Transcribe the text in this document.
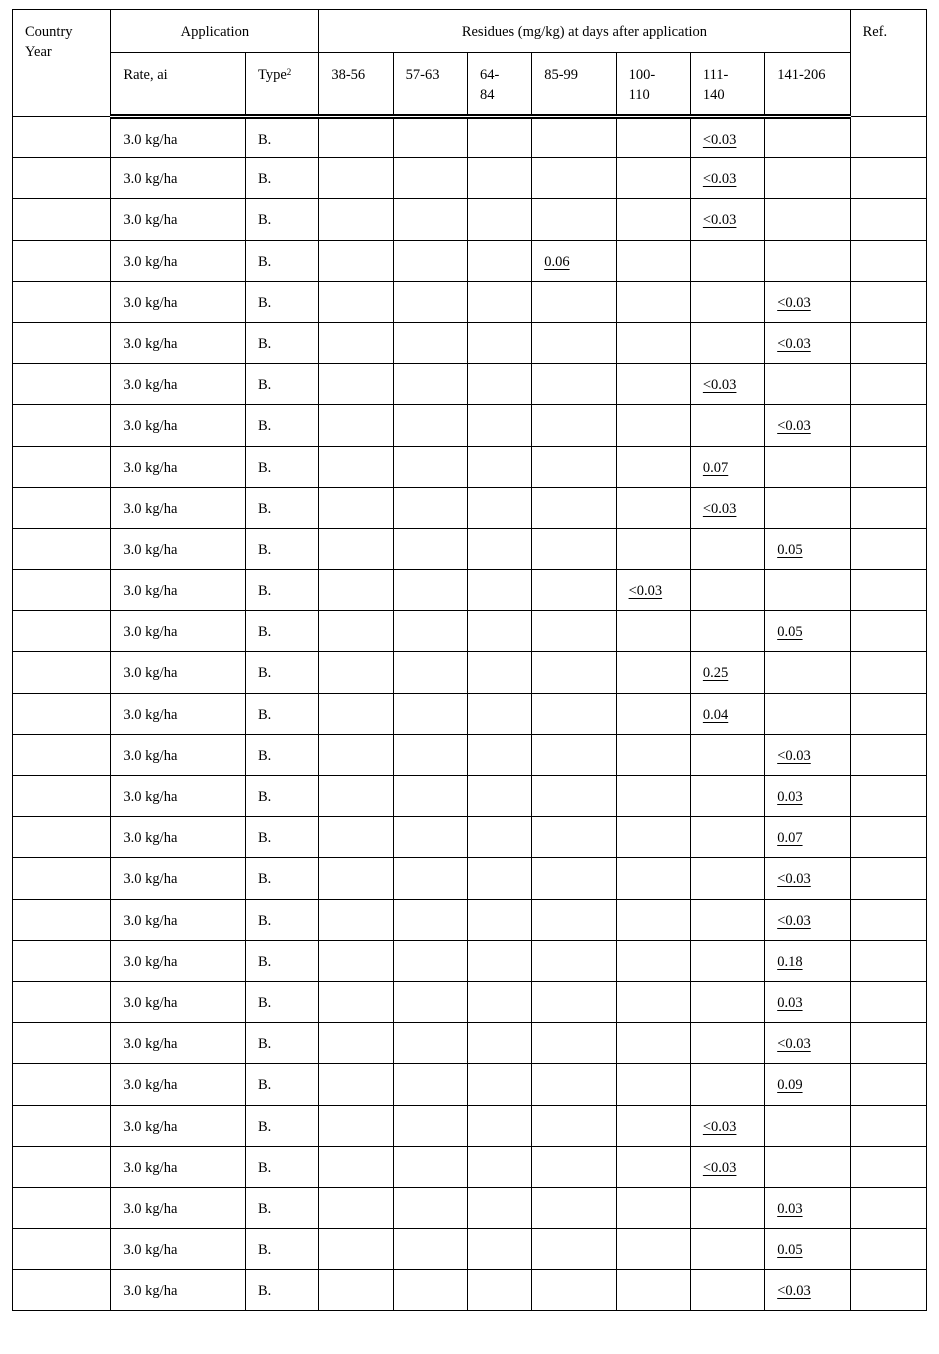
Country
Year	Application		Residues (mg/kg) at days after application							Ref.
	Rate, ai	Type$^2$	38-56	57-63	64-
84	85-99	100-
110	111-
140	141-206	
	3.0 kg/ha	B.						<0.03		
	3.0 kg/ha	B.						<0.03		
	3.0 kg/ha	B.						<0.03		
	3.0 kg/ha	B.				0.06				
	3.0 kg/ha	B.							<0.03	
	3.0 kg/ha	B.							<0.03	
	3.0 kg/ha	B.						<0.03		
	3.0 kg/ha	B.							<0.03	
	3.0 kg/ha	B.						0.07		
	3.0 kg/ha	B.						<0.03		
	3.0 kg/ha	B.							0.05	
	3.0 kg/ha	B.					<0.03			
	3.0 kg/ha	B.							0.05	
	3.0 kg/ha	B.						0.25		
	3.0 kg/ha	B.						0.04		
	3.0 kg/ha	B.							<0.03	
	3.0 kg/ha	B.							0.03	
	3.0 kg/ha	B.							0.07	
	3.0 kg/ha	B.							<0.03	
	3.0 kg/ha	B.							<0.03	
	3.0 kg/ha	B.							0.18	
	3.0 kg/ha	B.							0.03	
	3.0 kg/ha	B.							<0.03	
	3.0 kg/ha	B.							0.09	
	3.0 kg/ha	B.						<0.03		
	3.0 kg/ha	B.						<0.03		
	3.0 kg/ha	B.							0.03	
	3.0 kg/ha	B.							0.05	
	3.0 kg/ha	B.							<0.03	
